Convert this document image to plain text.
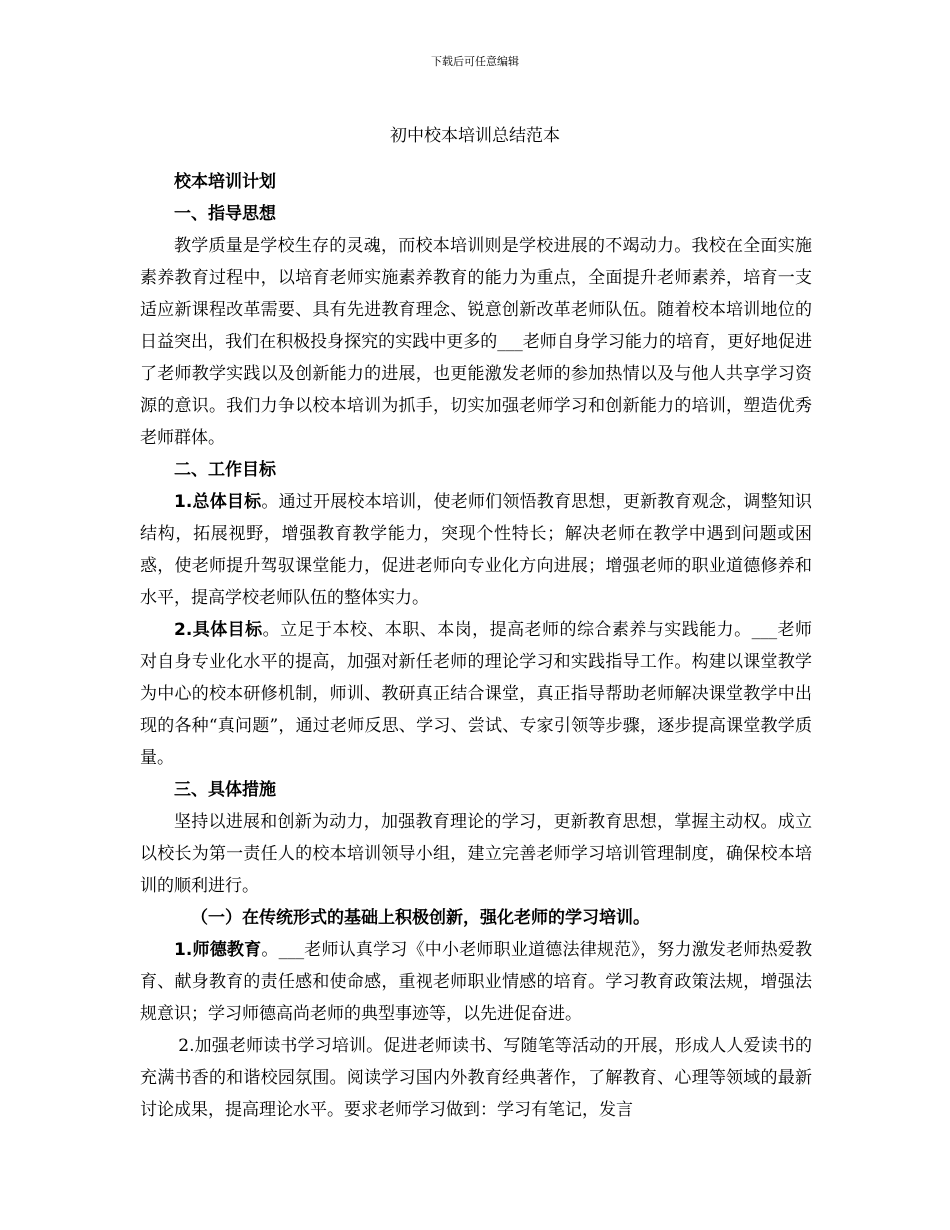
下载后可任意编辑
初中校本培训总结范本

校本培训计划

一、指导思想

教学质量是学校生存的灵魂，而校本培训则是学校进展的不竭动力。我校在全面实施素养教育过程中，以培育老师实施素养教育的能力为重点，全面提升老师素养，培育一支适应新课程改革需要、具有先进教育理念、锐意创新改革老师队伍。随着校本培训地位的日益突出，我们在积极投身探究的实践中更多的___老师自身学习能力的培育，更好地促进了老师教学实践以及创新能力的进展，也更能激发老师的参加热情以及与他人共享学习资源的意识。我们力争以校本培训为抓手，切实加强老师学习和创新能力的培训，塑造优秀老师群体。

二、工作目标

1.总体目标。通过开展校本培训，使老师们领悟教育思想，更新教育观念，调整知识结构，拓展视野，增强教育教学能力，突现个性特长；解决老师在教学中遇到问题或困惑，使老师提升驾驭课堂能力，促进老师向专业化方向进展；增强老师的职业道德修养和水平，提高学校老师队伍的整体实力。

2.具体目标。立足于本校、本职、本岗，提高老师的综合素养与实践能力。___老师对自身专业化水平的提高，加强对新任老师的理论学习和实践指导工作。构建以课堂教学为中心的校本研修机制，师训、教研真正结合课堂，真正指导帮助老师解决课堂教学中出现的各种“真问题”，通过老师反思、学习、尝试、专家引领等步骤，逐步提高课堂教学质量。

三、具体措施

坚持以进展和创新为动力，加强教育理论的学习，更新教育思想，掌握主动权。成立以校长为第一责任人的校本培训领导小组，建立完善老师学习培训管理制度，确保校本培训的顺利进行。

（一）在传统形式的基础上积极创新，强化老师的学习培训。

1.师德教育。___老师认真学习《中小老师职业道德法律规范》，努力激发老师热爱教育、献身教育的责任感和使命感，重视老师职业情感的培育。学习教育政策法规，增强法规意识；学习师德高尚老师的典型事迹等，以先进促奋进。

2.加强老师读书学习培训。促进老师读书、写随笔等活动的开展，形成人人爱读书的充满书香的和谐校园氛围。阅读学习国内外教育经典著作，了解教育、心理等领域的最新讨论成果，提高理论水平。要求老师学习做到：学习有笔记，发言
